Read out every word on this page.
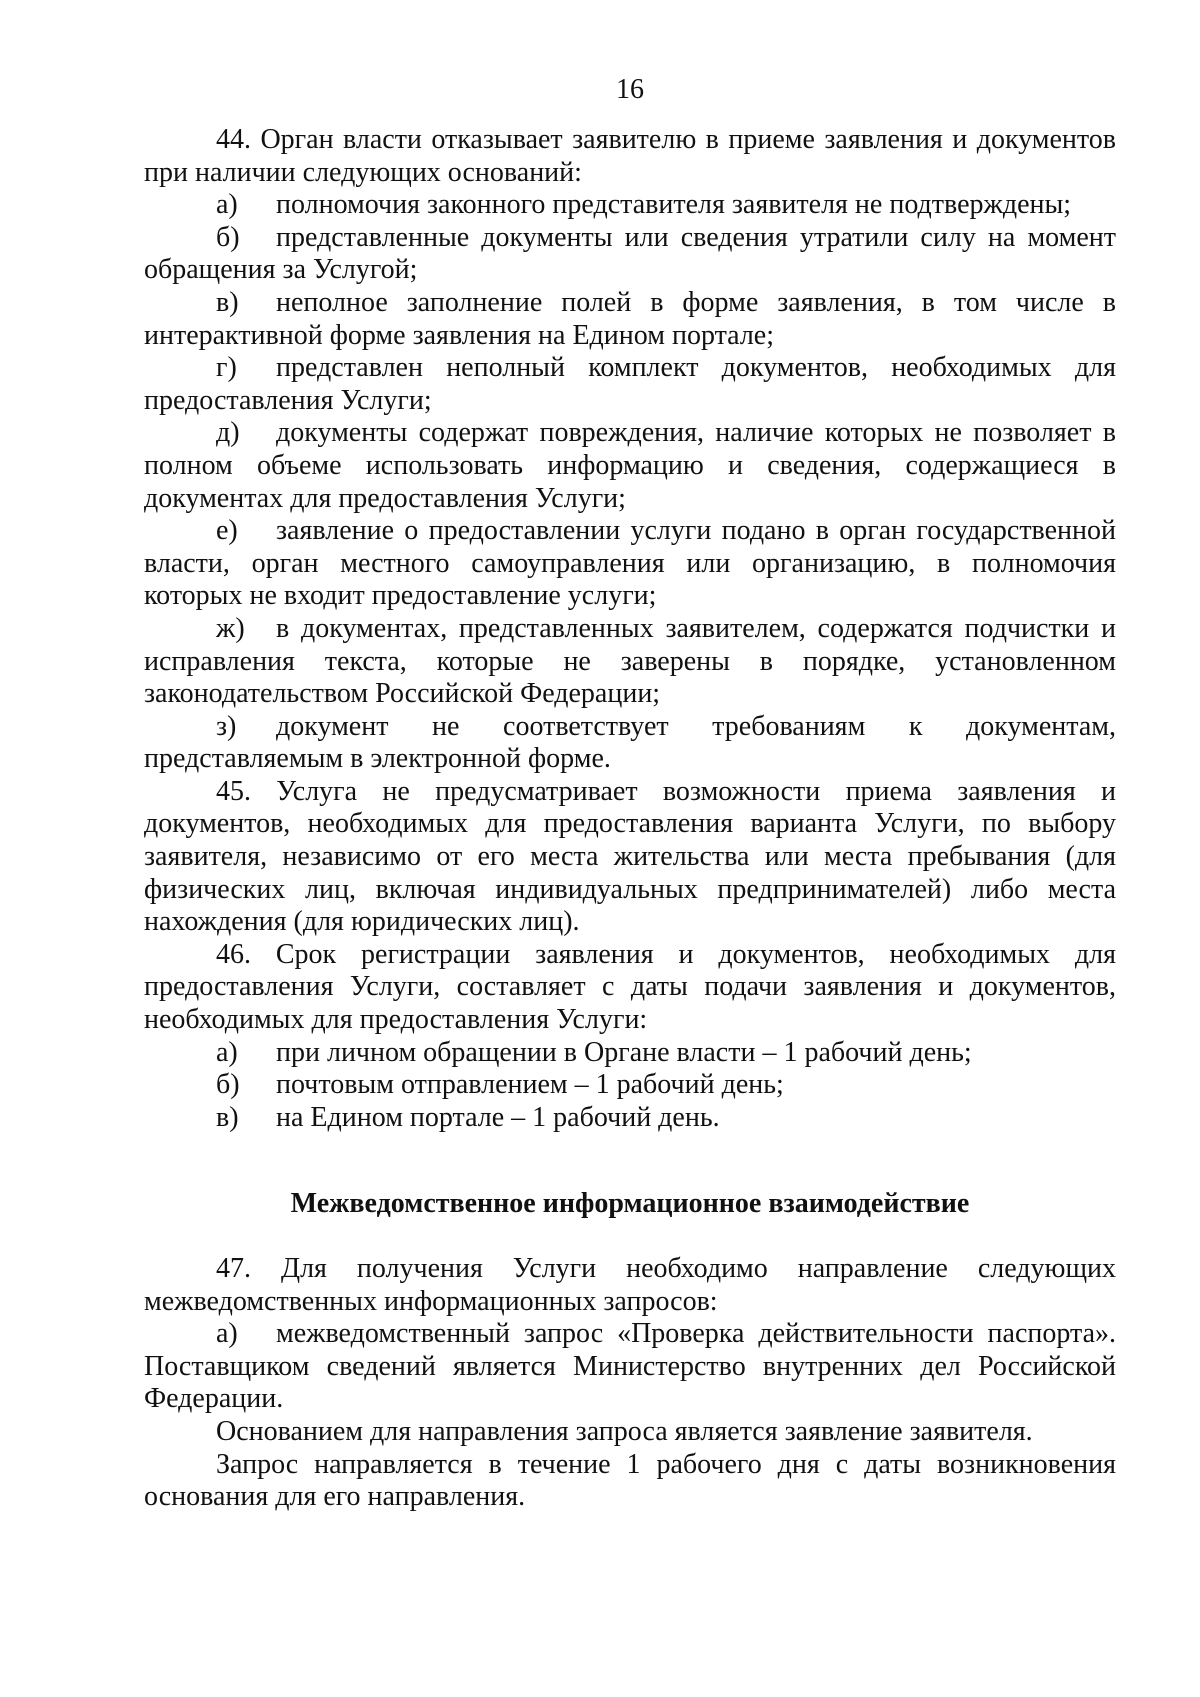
16

44. Орган власти отказывает заявителю в приеме заявления и документов при наличии следующих оснований:

а) полномочия законного представителя заявителя не подтверждены;

б) представленные документы или сведения утратили силу на момент обращения за Услугой;

в) неполное заполнение полей в форме заявления, в том числе в интерактивной форме заявления на Едином портале;

г) представлен неполный комплект документов, необходимых для предоставления Услуги;

д) документы содержат повреждения, наличие которых не позволяет в полном объеме использовать информацию и сведения, содержащиеся в документах для предоставления Услуги;

е) заявление о предоставлении услуги подано в орган государственной власти, орган местного самоуправления или организацию, в полномочия которых не входит предоставление услуги;

ж) в документах, представленных заявителем, содержатся подчистки и исправления текста, которые не заверены в порядке, установленном законодательством Российской Федерации;

з) документ не соответствует требованиям к документам, представляемым в электронной форме.

45. Услуга не предусматривает возможности приема заявления и документов, необходимых для предоставления варианта Услуги, по выбору заявителя, независимо от его места жительства или места пребывания (для физических лиц, включая индивидуальных предпринимателей) либо места нахождения (для юридических лиц).

46. Срок регистрации заявления и документов, необходимых для предоставления Услуги, составляет с даты подачи заявления и документов, необходимых для предоставления Услуги:

а) при личном обращении в Органе власти – 1 рабочий день;

б) почтовым отправлением – 1 рабочий день;

в) на Едином портале – 1 рабочий день.

Межведомственное информационное взаимодействие

47. Для получения Услуги необходимо направление следующих межведомственных информационных запросов:

а) межведомственный запрос «Проверка действительности паспорта». Поставщиком сведений является Министерство внутренних дел Российской Федерации.

Основанием для направления запроса является заявление заявителя.

Запрос направляется в течение 1 рабочего дня с даты возникновения основания для его направления.
